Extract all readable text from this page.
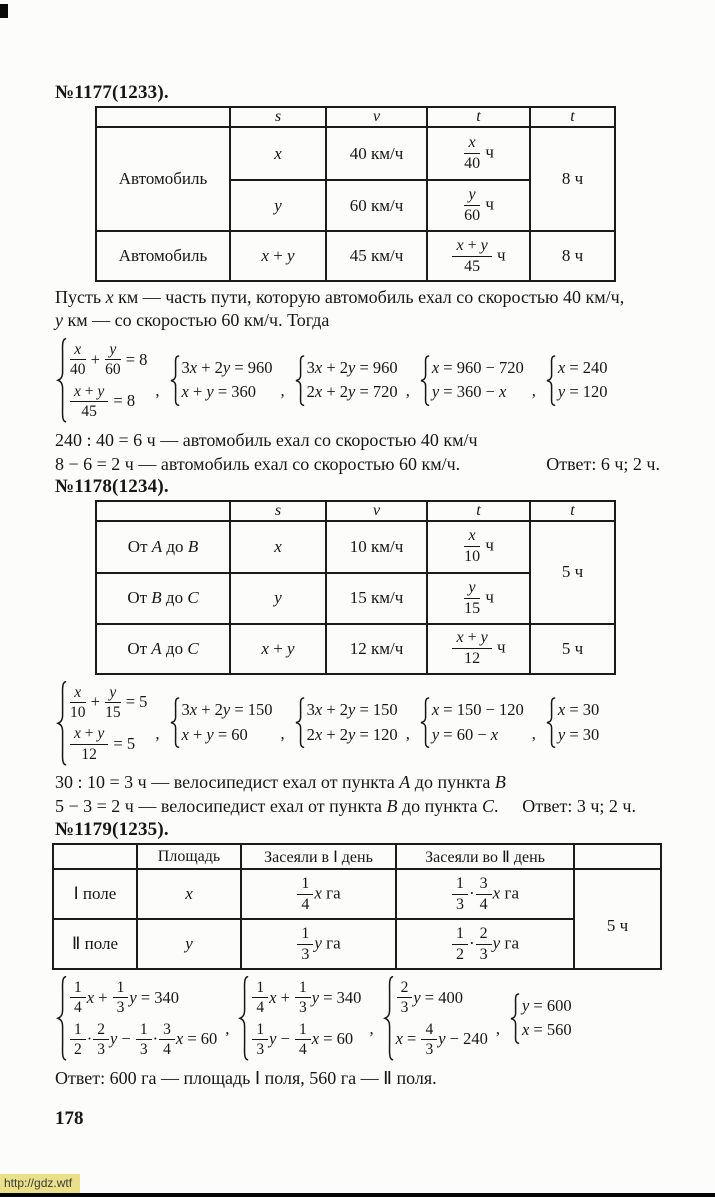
№1177(1233).
	s	v	t	t
Автомобиль	x	40 км/ч	$\frac{x}{40}$ ч	8 ч
	y	60 км/ч	$\frac{y}{60}$ ч	
Автомобиль	x + y	45 км/ч	$\frac{x + y}{45}$ ч	8 ч
Пусть x км — часть пути, которую автомобиль ехал со скоростью 40 км/ч,
y км — со скоростью 60 км/ч. Тогда
$\frac{x}{40} + \frac{y}{60} = 8$
$\frac{x + y}{45} = 8$
,
3x + 2y = 960
x + y = 360 ,
3x + 2y = 960
2x + 2y = 720 ,
x = 960 − 720
y = 360 − x ,
x = 240
y = 120
240 : 40 = 6 ч — автомобиль ехал со скоростью 40 км/ч
8 − 6 = 2 ч — автомобиль ехал со скоростью 60 км/ч.	Ответ: 6 ч; 2 ч.
№1178(1234).
	s	v	t	t
От A до B	x	10 км/ч	$\frac{x}{10}$ ч	5 ч
От B до C	y	15 км/ч	$\frac{y}{15}$ ч	
От A до C	x + y	12 км/ч	$\frac{x + y}{12}$ ч	5 ч
$\frac{x}{10} + \frac{y}{15} = 5$
$\frac{x + y}{12} = 5$
,
3x + 2y = 150
x + y = 60 ,
3x + 2y = 150
2x + 2y = 120 ,
x = 150 − 120
y = 60 − x ,
x = 30
y = 30
30 : 10 = 3 ч — велосипедист ехал от пункта A до пункта B
5 − 3 = 2 ч — велосипедист ехал от пункта B до пункта C. Ответ: 3 ч; 2 ч.
№1179(1235).
	Площадь	Засеяли в Ⅰ день	Засеяли во Ⅱ день	
Ⅰ поле	x	$\frac{1}{4}$ x га	$\frac{1}{3} \cdot \frac{3}{4}$ x га	5 ч
Ⅱ поле	y	$\frac{1}{3}$ y га	$\frac{1}{2} \cdot \frac{2}{3}$ y га
$\frac{1}{4}$ $x + \frac{1}{3}$ y = 340
$\frac{1}{2} \cdot \frac{2}{3}$ $y - \frac{1}{3} \cdot \frac{3}{4}$ x = 60
,
$\frac{1}{4}$ $x + \frac{1}{3}$ y = 340
$\frac{1}{3}$ $y - \frac{1}{4}$ x = 60
,
$\frac{2}{3}$ y = 400
$x = \frac{4}{3}$ y − 240
,
y = 600
x = 560
Ответ: 600 га — площадь Ⅰ поля, 560 га — Ⅱ поля.
178
http://gdz.wtf
